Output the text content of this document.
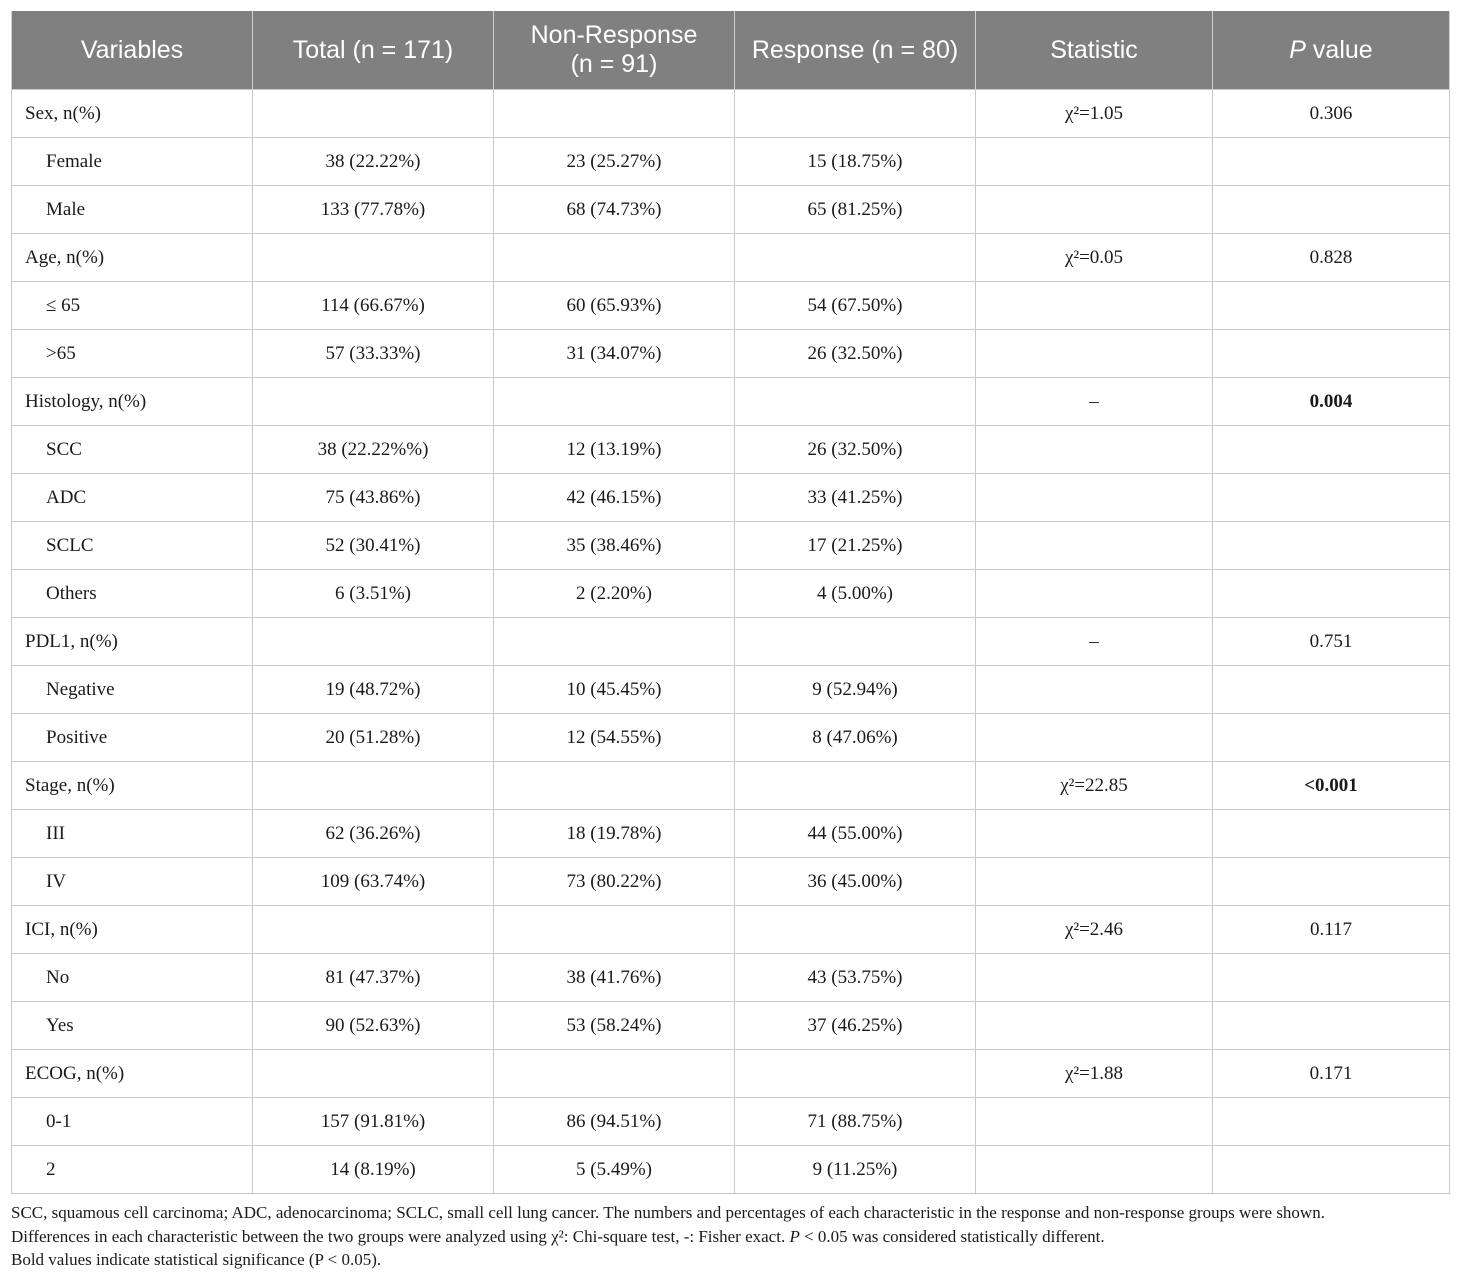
Variables	Total (n = 171)	Non-Response
(n = 91)	Response (n = 80)	Statistic	P value
Sex, n(%)				χ²=1.05	0.306
Female	38 (22.22%)	23 (25.27%)	15 (18.75%)		
Male	133 (77.78%)	68 (74.73%)	65 (81.25%)		
Age, n(%)				χ²=0.05	0.828
≤ 65	114 (66.67%)	60 (65.93%)	54 (67.50%)		
>65	57 (33.33%)	31 (34.07%)	26 (32.50%)		
Histology, n(%)				–	0.004
SCC	38 (22.22%%)	12 (13.19%)	26 (32.50%)		
ADC	75 (43.86%)	42 (46.15%)	33 (41.25%)		
SCLC	52 (30.41%)	35 (38.46%)	17 (21.25%)		
Others	6 (3.51%)	2 (2.20%)	4 (5.00%)		
PDL1, n(%)				–	0.751
Negative	19 (48.72%)	10 (45.45%)	9 (52.94%)		
Positive	20 (51.28%)	12 (54.55%)	8 (47.06%)		
Stage, n(%)				χ²=22.85	<0.001
III	62 (36.26%)	18 (19.78%)	44 (55.00%)		
IV	109 (63.74%)	73 (80.22%)	36 (45.00%)		
ICI, n(%)				χ²=2.46	0.117
No	81 (47.37%)	38 (41.76%)	43 (53.75%)		
Yes	90 (52.63%)	53 (58.24%)	37 (46.25%)		
ECOG, n(%)				χ²=1.88	0.171
0-1	157 (91.81%)	86 (94.51%)	71 (88.75%)		
2	14 (8.19%)	5 (5.49%)	9 (11.25%)		

SCC, squamous cell carcinoma; ADC, adenocarcinoma; SCLC, small cell lung cancer. The numbers and percentages of each characteristic in the response and non-response groups were shown.

Differences in each characteristic between the two groups were analyzed using χ²: Chi-square test, -: Fisher exact. P < 0.05 was considered statistically different.

Bold values indicate statistical significance (P < 0.05).
